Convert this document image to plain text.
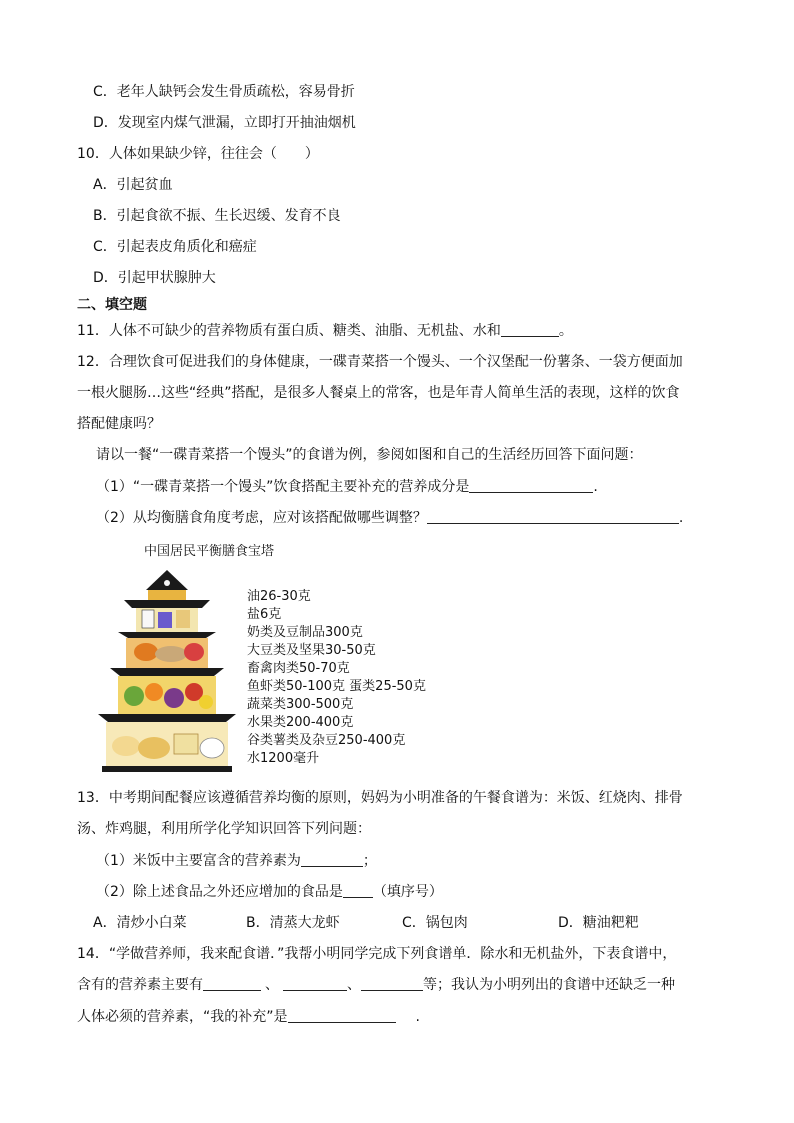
C．老年人缺钙会发生骨质疏松，容易骨折
D．发现室内煤气泄漏，立即打开抽油烟机
10．人体如果缺少锌，往往会（　　）
A．引起贫血
B．引起食欲不振、生长迟缓、发育不良
C．引起表皮角质化和癌症
D．引起甲状腺肿大
二、填空题
11．人体不可缺少的营养物质有蛋白质、糖类、油脂、无机盐、水和	。
12．合理饮食可促进我们的身体健康，一碟青菜搭一个馒头、一个汉堡配一份薯条、一袋方便面加
一根火腿肠…这些“经典”搭配，是很多人餐桌上的常客，也是年青人简单生活的表现，这样的饮食
搭配健康吗？
请以一餐“一碟青菜搭一个馒头”的食谱为例，参阅如图和自己的生活经历回答下面问题：
（1）“一碟青菜搭一个馒头”饮食搭配主要补充的营养成分是	.
（2）从均衡膳食角度考虑，应对该搭配做哪些调整？	.
中国居民平衡膳食宝塔
油26-30克
盐6克
奶类及豆制品300克
大豆类及坚果30-50克
畜禽肉类50-70克
鱼虾类50-100克 蛋类25-50克
蔬菜类300-500克
水果类200-400克
谷类薯类及杂豆250-400克
水1200毫升
13．中考期间配餐应该遵循营养均衡的原则，妈妈为小明准备的午餐食谱为：米饭、红烧肉、排骨
汤、炸鸡腿，利用所学化学知识回答下列问题：
（1）米饭中主要富含的营养素为	；
（2）除上述食品之外还应增加的食品是 （填序号）
A．清炒小白菜	B．清蒸大龙虾	C．锅包肉	D．糖油粑粑
14．“学做营养师，我来配食谱．”我帮小明同学完成下列食谱单．除水和无机盐外，下表食谱中，
含有的营养素主要有	、	、	等；我认为小明列出的食谱中还缺乏一种
人体必须的营养素，“我的补充”是	.
